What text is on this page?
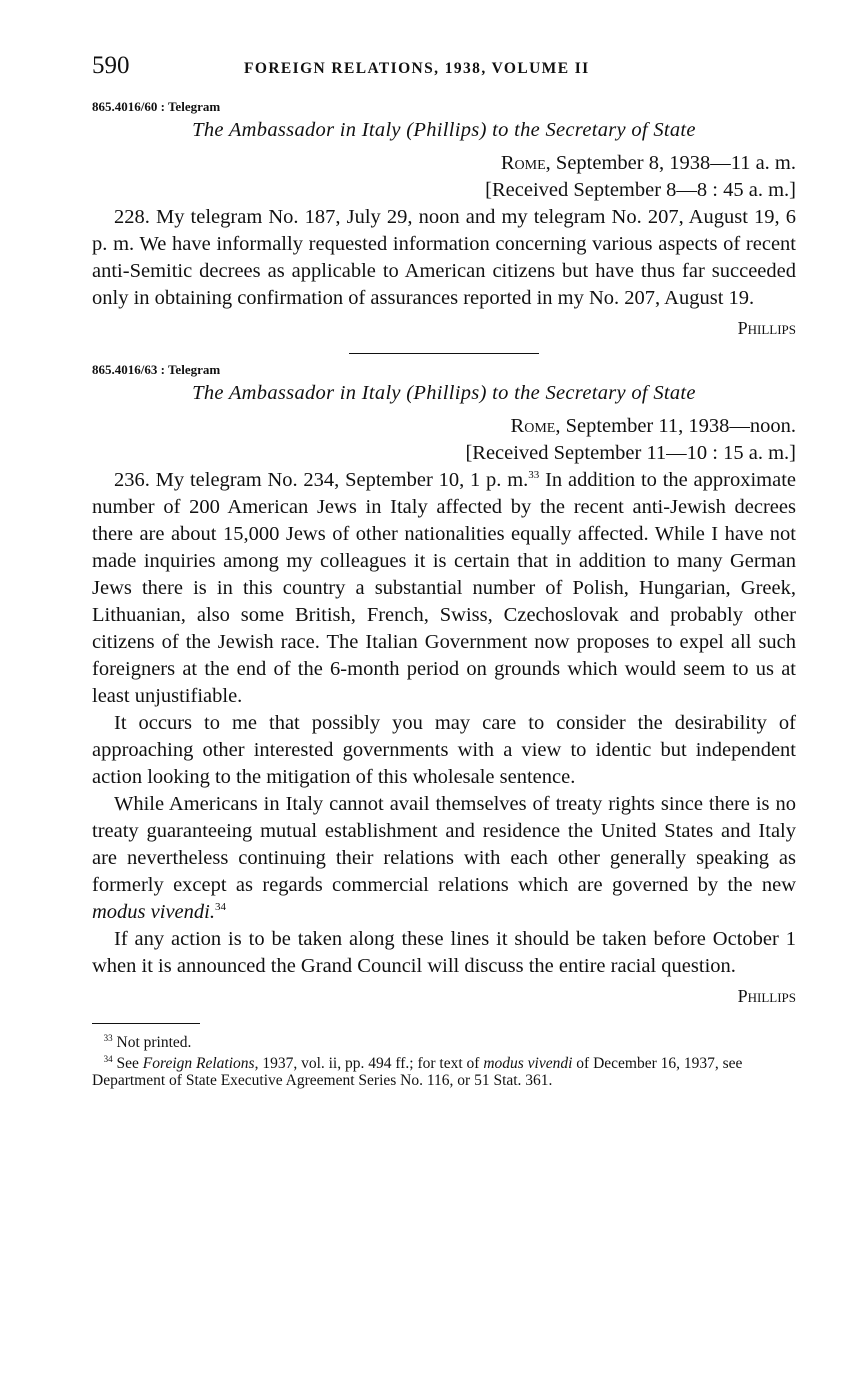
590	FOREIGN RELATIONS, 1938, VOLUME II
865.4016/60 : Telegram
The Ambassador in Italy (Phillips) to the Secretary of State
Rome, September 8, 1938—11 a. m.
[Received September 8—8 : 45 a. m.]

228. My telegram No. 187, July 29, noon and my telegram No. 207, August 19, 6 p. m. We have informally requested information concerning various aspects of recent anti-Semitic decrees as applicable to American citizens but have thus far succeeded only in obtaining confirmation of assurances reported in my No. 207, August 19.

Phillips
865.4016/63 : Telegram
The Ambassador in Italy (Phillips) to the Secretary of State
Rome, September 11, 1938—noon.
[Received September 11—10 : 15 a. m.]

236. My telegram No. 234, September 10, 1 p. m.$^{33}$ In addition to the approximate number of 200 American Jews in Italy affected by the recent anti-Jewish decrees there are about 15,000 Jews of other nationalities equally affected. While I have not made inquiries among my colleagues it is certain that in addition to many German Jews there is in this country a substantial number of Polish, Hungarian, Greek, Lithuanian, also some British, French, Swiss, Czechoslovak and probably other citizens of the Jewish race. The Italian Government now proposes to expel all such foreigners at the end of the 6-month period on grounds which would seem to us at least unjustifiable.

It occurs to me that possibly you may care to consider the desirability of approaching other interested governments with a view to identic but independent action looking to the mitigation of this wholesale sentence.

While Americans in Italy cannot avail themselves of treaty rights since there is no treaty guaranteeing mutual establishment and residence the United States and Italy are nevertheless continuing their relations with each other generally speaking as formerly except as regards commercial relations which are governed by the new modus vivendi.$^{34}$

If any action is to be taken along these lines it should be taken before October 1 when it is announced the Grand Council will discuss the entire racial question.

Phillips
$^{33}$ Not printed.
$^{34}$ See Foreign Relations, 1937, vol. ii, pp. 494 ff.; for text of modus vivendi of December 16, 1937, see Department of State Executive Agreement Series No. 116, or 51 Stat. 361.
